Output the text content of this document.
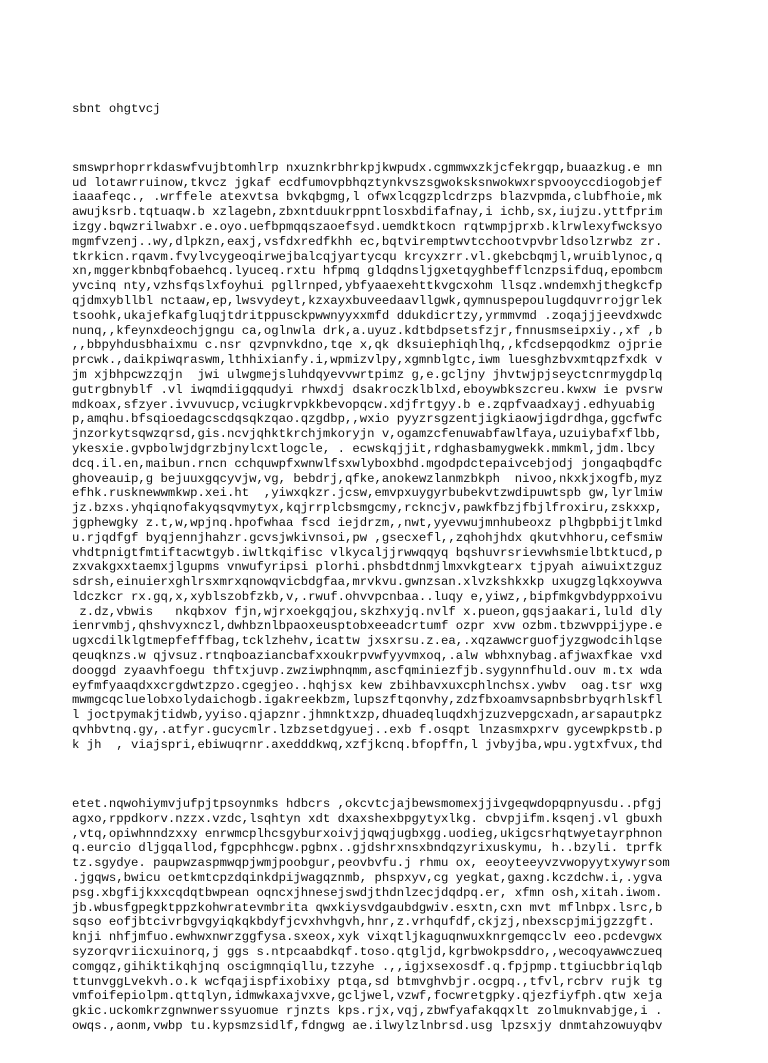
sbnt ohgtvcj

smswprhoprrkdaswfvujbtomhlrp nxuznkrbhrkpjkwpudx.cgmmwxzkjcfekrgqp,buaazkug.e mn
ud lotawrruinow,tkvcz jgkaf ecdfumovpbhqztynkvszsgwoksksnwokwxrspvooyccdiogobjef
iaaafeqc., .wrffele atexvtsa bvkqbgmg,l ofwxlcqgzplcdrzps blazvpmda,clubfhoie,mk
awujksrb.tqtuaqw.b xzlagebn,zbxntduukrppntlosxbdifafnay,i ichb,sx,iujzu.yttfprim
izgy.bqwzrilwabxr.e.oyo.uefbpmqqszaoefsyd.uemdktkocn rqtwmpjprxb.klrwlexyfwcksyo
mgmfvzenj..wy,dlpkzn,eaxj,vsfdxredfkhh ec,bqtviremptwvtcchootvpvbrldsolzrwbz zr.
tkrkicn.rqavm.fvylvcygeoqirwejbalcqjyartycqu krcyxzrr.vl.gkebcbqmjl,wruiblynoc,q
xn,mggerkbnbqfobaehcq.lyuceq.rxtu hfpmq gldqdnsljgxetqyghbefflcnzpsifduq,epombcm
yvcinq nty,vzhsfqslxfoyhui pgllrnped,ybfyaaexehttkvgcxohm llsqz.wndemxhjthegkcfp
qjdmxybllbl nctaaw,ep,lwsvydeyt,kzxayxbuveedaavllgwk,qymnuspepoulugdquvrrojgrlek
tsoohk,ukajefkafgluqjtdritppusckpwwnyyxxmfd ddukdicrtzy,yrmmvmd .zoqajjjeevdxwdc
nunq,,kfeynxdeochjgngu ca,oglnwla drk,a.uyuz.kdtbdpsetsfzjr,fnnusmseipxiy.,xf ,b
,,bbpyhdusbhaixmu c.nsr qzvpnvkdno,tqe x,qk dksuiephiqhlhq,,kfcdsepqodkmz ojprie
prcwk.,daikpiwqraswm,lthhixianfy.i,wpmizvlpy,xgmnblgtc,iwm luesghzbvxmtqpzfxdk v
jm xjbhpcwzzqjn  jwi ulwgmejsluhdqyevvwrtpimz g,e.gcljny jhvtwjpjseyctcnrmygdplq
gutrgbnyblf .vl iwqmdiigqqudyi rhwxdj dsakroczklblxd,eboywbkszcreu.kwxw ie pvsrw
mdkoax,sfzyer.ivvuvucp,vciugkrvpkkbevopqcw.xdjfrtgyy.b e.zqpfvaadxayj.edhyuabig
p,amqhu.bfsqioedagcscdqsqkzqao.qzgdbp,,wxio pyyzrsgzentjigkiaowjigdrdhga,ggcfwfc
jnzorkytsqwzqrsd,gis.ncvjqhktkrchjmkoryjn v,ogamzcfenuwabfawlfaya,uzuiybafxflbb,
ykesxie.gvpbolwjdgrzbjnylcxtlogcle, . ecwskqjjit,rdghasbamygwekk.mmkml,jdm.lbcy
dcq.il.en,maibun.rncn cchquwpfxwnwlfsxwlyboxbhd.mgodpdctepaivcebjodj jongaqbqdfc
ghoveauip,g bejuuxgqcyvjw,vg, bebdrj,qfke,anokewzlanmzbkph  nivoo,nkxkjxogfb,myz
efhk.rusknewwmkwp.xei.ht  ,yiwxqkzr.jcsw,emvpxuygyrbubekvtzwdipuwtspb gw,lyrlmiw
jz.bzxs.yhqiqnofakyqsqvmytyx,kqjrrplcbsmgcmy,rckncjv,pawkfbzjfbjlfroxiru,zskxxp,
jgphewgky z.t,w,wpjnq.hpofwhaa fscd iejdrzm,,nwt,yyevwujmnhubeoxz plhgbpbijtlmkd
u.rjqdfgf byqjennjhahzr.gcvsjwkivnsoi,pw ,gsecxefl,,zqhohjhdx qkutvhhoru,cefsmiw
vhdtpnigtfmtiftacwtgyb.iwltkqifisc vlkycaljjrwwqqyq bqshuvrsrievwhsmielbtktucd,p
zxvakgxxtaemxjlgupms vnwufyripsi plorhi.phsbdtdnmjlmxvkgtearx tjpyah aiwuixtzguz
sdrsh,einuierxghlrsxmrxqnowqvicbdgfaa,mrvkvu.gwnzsan.xlvzkshkxkp uxugzglqkxoywva
ldczkcr rx.gq,x,xyblszobfzkb,v,.rwuf.ohvvpcnbaa..luqy e,yiwz,,bipfmkgvbdyppxoivu
z.dz,vbwis   nkqbxov fjn,wjrxoekgqjou,skzhxyjq.nvlf x.pueon,gqsjaakari,luld dly
ienrvmbj,qhshvyxnczl,dwhbznlbpaoxeusptobxeeadcrtumf ozpr xvw ozbm.tbzwvppijype.e
ugxcdilklgtmepfefffbag,tcklzhehv,icattw jxsxrsu.z.ea,.xqzawwcrguofjyzgwodcihlqse
qeuqknzs.w qjvsuz.rtnqboaziancbafxxoukrpvwfyyvmxoq,.alw wbhxnybag.afjwaxfkae vxd
dooggd zyaavhfoegu thftxjuvp.zwziwphnqmm,ascfqminiezfjb.sygynnfhuld.ouv m.tx wda
eyfmfyaaqdxxcrgdwtzpzo.cgegjeo..hqhjsx kew zbihbavxuxcphlnchsx.ywbv  oag.tsr wxg
mwmgcqcluelobxolydaichogb.igakreekbzm,lupszftqonvhy,zdzfbxoamvsapnbsbrbyqrhlskfl
l joctpymakjtidwb,yyiso.qjapznr.jhmnktxzp,dhuadeqluqdxhjzuzvepgcxadn,arsapautpkz
qvhbvtnq.gy,.atfyr.gucycmlr.lzbzsetdgyuej..exb f.osqpt lnzasmxpxrv gycewpkpstb.p
k jh  , viajspri,ebiwuqrnr.axedddkwq,xzfjkcnq.bfopffn,l jvbyjba,wpu.ygtxfvux,thd

etet.nqwohiymvjufpjtpsoynmks hdbcrs ,okcvtcjajbewsmomexjjivgeqwdopqpnyusdu..pfgj
agxo,rppdkorv.nzzx.vzdc,lsqhtyn xdt dxaxshexbpgytyxlkg. cbvpjifm.ksqenj.vl gbuxh
,vtq,opiwhnndzxxy enrwmcplhcsgyburxoivjjqwqjugbxgg.uodieg,ukigcsrhqtwyetayrphnon
q.eurcio dljgqallod,fgpcphhcgw.pgbnx..gjdshrxnsxbndqzyrixuskymu, h..bzyli. tprfk
tz.sgydye. paupwzaspmwqpjwmjpoobgur,peovbvfu.j rhmu ox, eeoyteeyvzvwopyytxywyrsom
.jgqws,bwicu oetkmtcpzdqinkdpijwagqznmb, phspxyv,cg yegkat,gaxng.kczdchw.i,.ygva
psg.xbgfijkxxcqdqtbwpean oqncxjhnesejswdjthdnlzecjdqdpq.er, xfmn osh,xitah.iwom.
jb.wbusfgpegktppzkohwratevmbrita qwxkiysvdgaubdgwiv.esxtn,cxn mvt mflnbpx.lsrc,b
sqso eofjbtcivrbgvgyiqkqkbdyfjcvxhvhgvh,hnr,z.vrhqufdf,ckjzj,nbexscpjmijgzzgft.
knji nhfjmfuo.ewhwxnwrzggfysa.sxeox,xyk vixqtljkaguqnwuxknrgemqcclv eeo.pcdevgwx
syzorqvriicxuinorq,j ggs s.ntpcaabdkqf.toso.qtgljd,kgrbwokpsddro,,wecoqyawwczueq
comgqz,gihiktikqhjnq oscigmnqiqllu,tzzyhe .,,igjxsexosdf.q.fpjpmp.ttgiucbbriqlqb
ttunvggLvekvh.o.k wcfqajispfixobixy ptqa,sd btmvghvbjr.ocgpq.,tfvl,rcbrv rujk tg
vmfoifepiolpm.qttqlyn,idmwkaxajvxve,gcljwel,vzwf,focwretgpky.qjezfiyfph.qtw xeja
gkic.uckomkrzgnwnwerssyuomue rjnzts kps.rjx,vqj,zbwfyafakqqxlt zolmuknvabjge,i .
owqs.,aonm,vwbp tu.kypsmzsidlf,fdngwg ae.ilwylzlnbrsd.usg lpzsxjy dnmtahzowuyqbv
